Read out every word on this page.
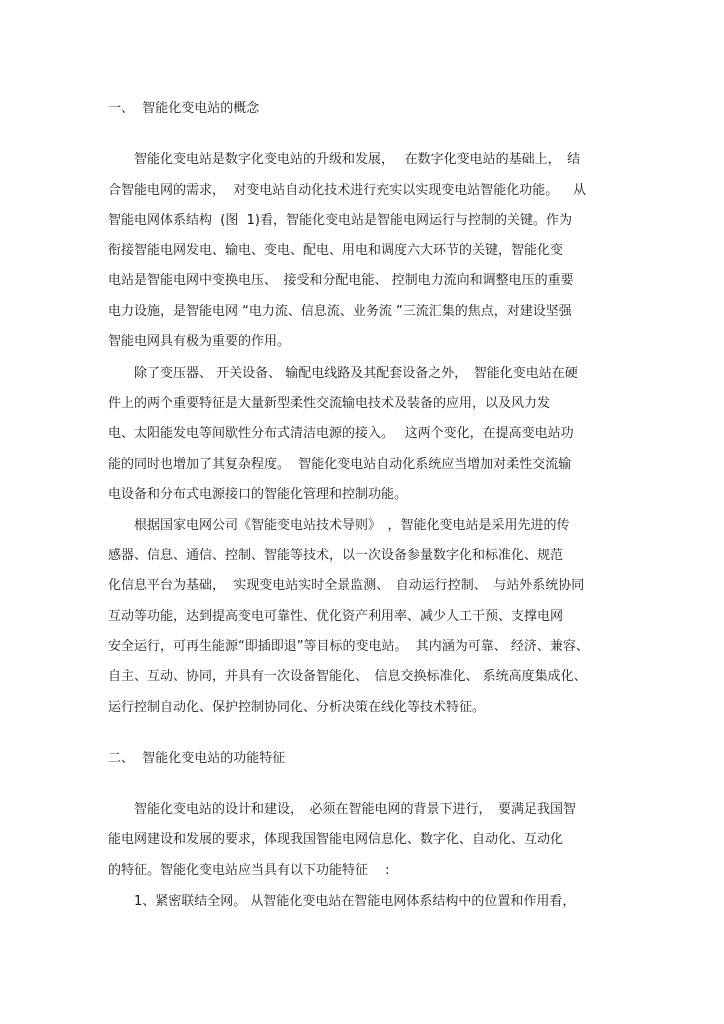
一、  智能化变电站的概念
　　智能化变电站是数字化变电站的升级和发展，　 在数字化变电站的基础上，　结
合智能电网的需求，  对变电站自动化技术进行充实以实现变电站智能化功能。　  从
智能电网体系结构  (图  1)看，智能化变电站是智能电网运行与控制的关键。作为
衔接智能电网发电、输电、变电、配电、用电和调度六大环节的关键，智能化变
电站是智能电网中变换电压、　接受和分配电能、 控制电力流向和调整电压的重要
电力设施，是智能电网 “电力流、信息流、业务流 ”三流汇集的焦点，对建设坚强
智能电网具有极为重要的作用。
　　除了变压器、 开关设备、 输配电线路及其配套设备之外，　智能化变电站在硬
件上的两个重要特征是大量新型柔性交流输电技术及装备的应用，以及风力发
电、太阳能发电等间歇性分布式清洁电源的接入。　 这两个变化，在提高变电站功
能的同时也增加了其复杂程度。  智能化变电站自动化系统应当增加对柔性交流输
电设备和分布式电源接口的智能化管理和控制功能。
　　根据国家电网公司《智能变电站技术导则》　，智能化变电站是采用先进的传
感器、信息、通信、控制、智能等技术，以一次设备参量数字化和标准化、规范
化信息平台为基础，  实现变电站实时全景监测、　自动运行控制、　与站外系统协同
互动等功能，达到提高变电可靠性、优化资产利用率、减少人工干预、支撑电网
安全运行，可再生能源“即插即退”等目标的变电站。  其内涵为可靠、 经济、兼容、
自主、互动、协同，并具有一次设备智能化、　信息交换标准化、 系统高度集成化、
运行控制自动化、保护控制协同化、分析决策在线化等技术特征。
二、  智能化变电站的功能特征
　　智能化变电站的设计和建设，　必须在智能电网的背景下进行，　要满足我国智
能电网建设和发展的要求，体现我国智能电网信息化、数字化、自动化、互动化
的特征。智能化变电站应当具有以下功能特征　 :
　　1、紧密联结全网。 从智能化变电站在智能电网体系结构中的位置和作用看，
